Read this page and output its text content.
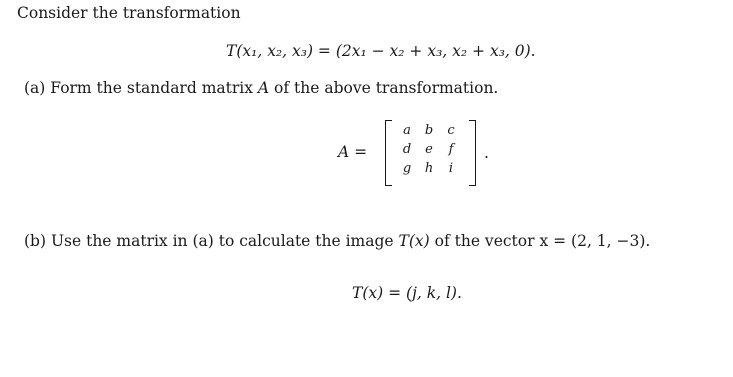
Consider the transformation
T(x₁, x₂, x₃) = (2x₁ − x₂ + x₃, x₂ + x₃, 0).
(a) Form the standard matrix A of the above transformation.
A =
a	b	c
d	e	f
g	h	i
.
(b) Use the matrix in (a) to calculate the image T(x) of the vector x = (2, 1, −3).
T(x) = (j, k, l).
